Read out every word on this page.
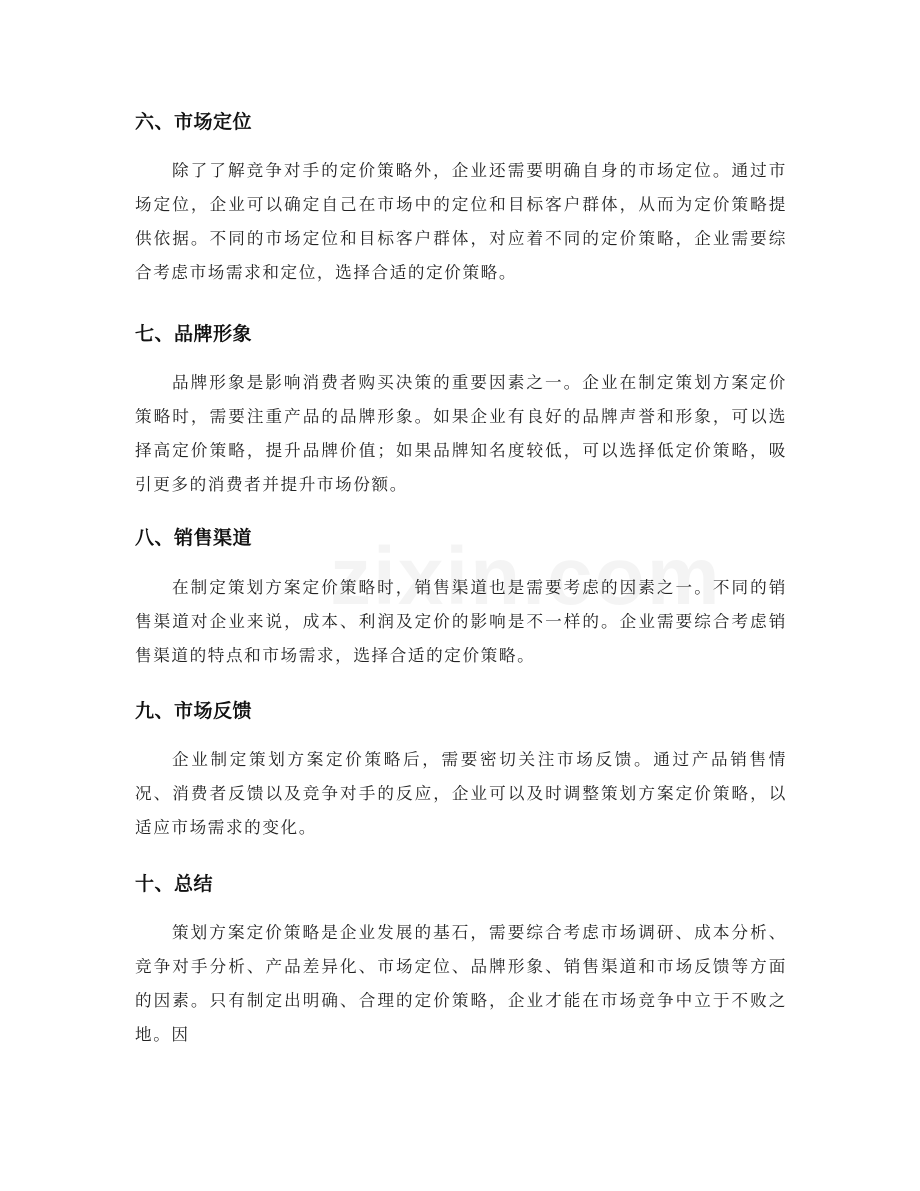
六、市场定位

除了了解竞争对手的定价策略外，企业还需要明确自身的市场定位。通过市场定位，企业可以确定自己在市场中的定位和目标客户群体，从而为定价策略提供依据。不同的市场定位和目标客户群体，对应着不同的定价策略，企业需要综合考虑市场需求和定位，选择合适的定价策略。

七、品牌形象

品牌形象是影响消费者购买决策的重要因素之一。企业在制定策划方案定价策略时，需要注重产品的品牌形象。如果企业有良好的品牌声誉和形象，可以选择高定价策略，提升品牌价值；如果品牌知名度较低，可以选择低定价策略，吸引更多的消费者并提升市场份额。

八、销售渠道

在制定策划方案定价策略时，销售渠道也是需要考虑的因素之一。不同的销售渠道对企业来说，成本、利润及定价的影响是不一样的。企业需要综合考虑销售渠道的特点和市场需求，选择合适的定价策略。

九、市场反馈

企业制定策划方案定价策略后，需要密切关注市场反馈。通过产品销售情况、消费者反馈以及竞争对手的反应，企业可以及时调整策划方案定价策略，以适应市场需求的变化。

十、总结

策划方案定价策略是企业发展的基石，需要综合考虑市场调研、成本分析、竞争对手分析、产品差异化、市场定位、品牌形象、销售渠道和市场反馈等方面的因素。只有制定出明确、合理的定价策略，企业才能在市场竞争中立于不败之地。因
